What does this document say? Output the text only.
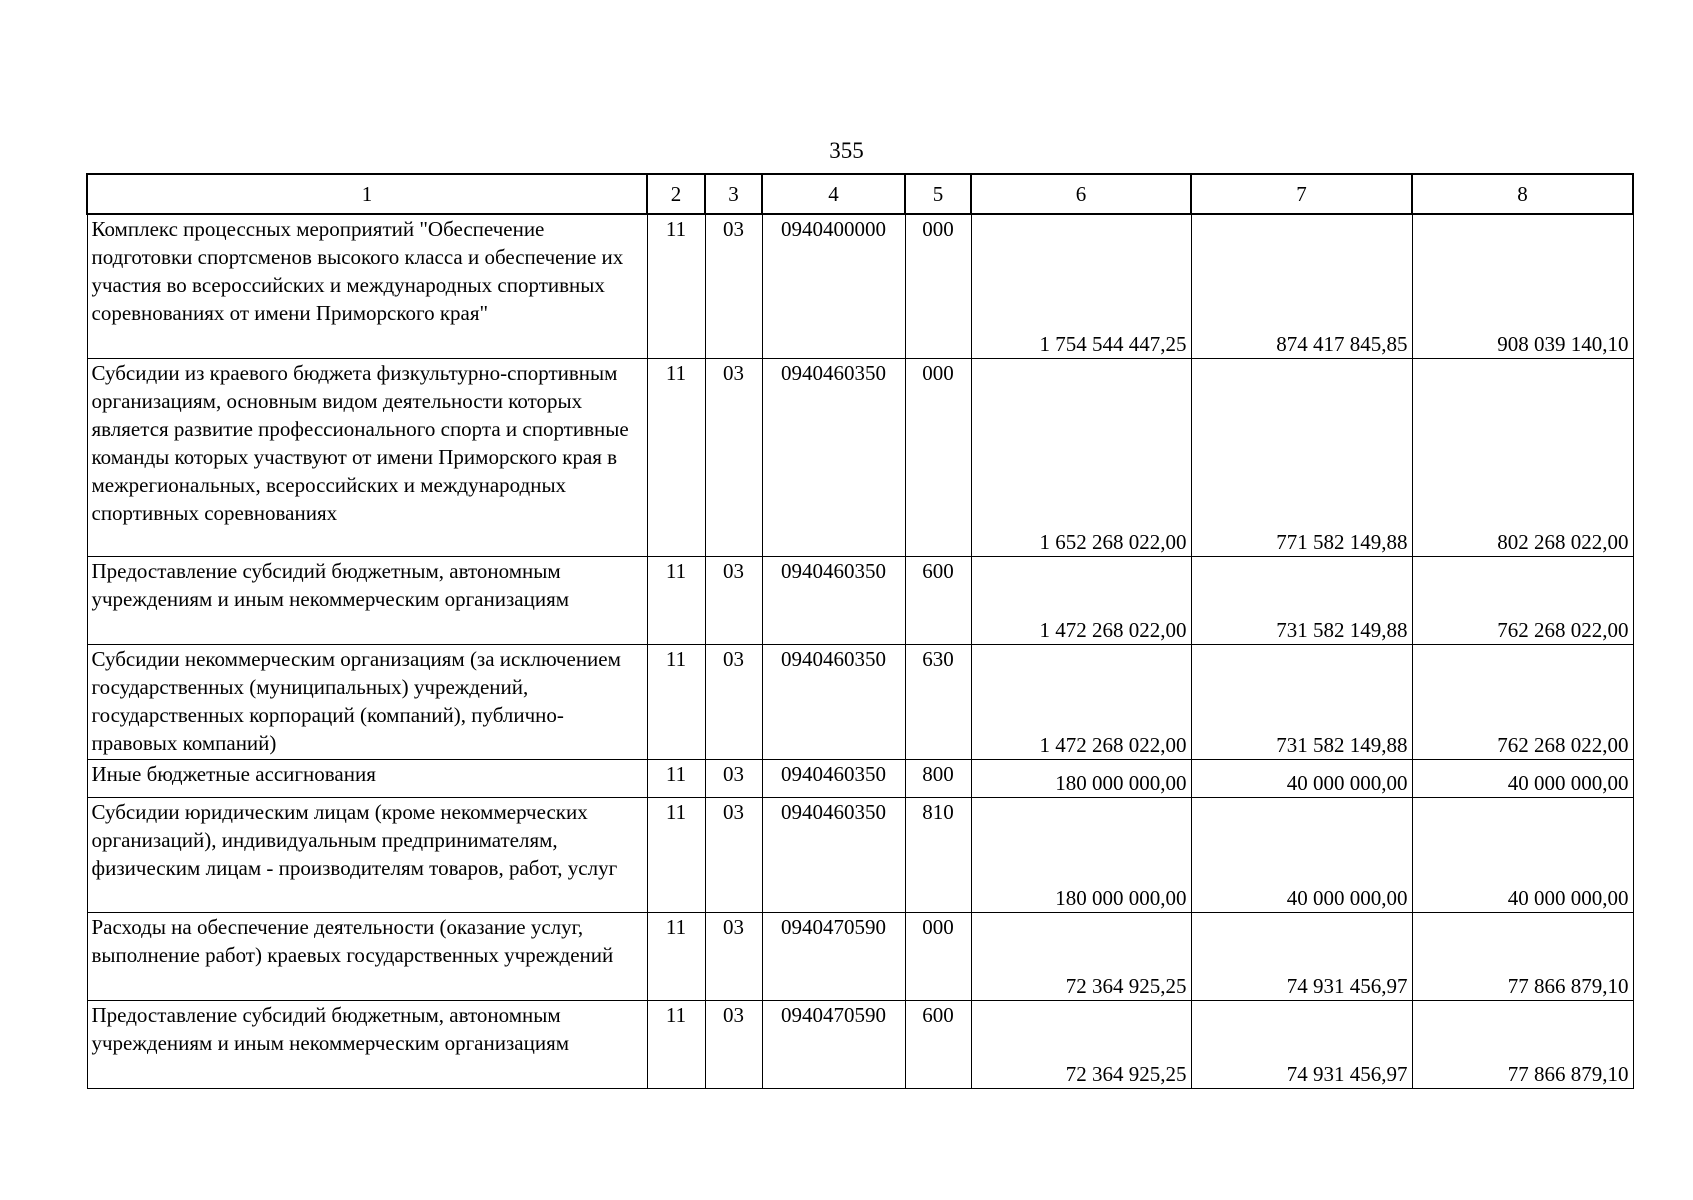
355
1	2	3	4	5	6	7	8
Комплекс процессных мероприятий "Обеспечение подготовки спортсменов высокого класса и обеспечение их участия во всероссийских и международных спортивных соревнованиях от имени Приморского края"	11	03	0940400000	000	1 754 544 447,25	874 417 845,85	908 039 140,10
Субсидии из краевого бюджета физкультурно-спортивным организациям, основным видом деятельности которых является развитие профессионального спорта и спортивные команды которых участвуют от имени Приморского края в межрегиональных, всероссийских и международных спортивных соревнованиях	11	03	0940460350	000	1 652 268 022,00	771 582 149,88	802 268 022,00
Предоставление субсидий бюджетным, автономным учреждениям и иным некоммерческим организациям	11	03	0940460350	600	1 472 268 022,00	731 582 149,88	762 268 022,00
Субсидии некоммерческим организациям (за исключением государственных (муниципальных) учреждений, государственных корпораций (компаний), публично-правовых компаний)	11	03	0940460350	630	1 472 268 022,00	731 582 149,88	762 268 022,00
Иные бюджетные ассигнования	11	03	0940460350	800	180 000 000,00	40 000 000,00	40 000 000,00
Субсидии юридическим лицам (кроме некоммерческих организаций), индивидуальным предпринимателям, физическим лицам - производителям товаров, работ, услуг	11	03	0940460350	810	180 000 000,00	40 000 000,00	40 000 000,00
Расходы на обеспечение деятельности (оказание услуг, выполнение работ) краевых государственных учреждений	11	03	0940470590	000	72 364 925,25	74 931 456,97	77 866 879,10
Предоставление субсидий бюджетным, автономным учреждениям и иным некоммерческим организациям	11	03	0940470590	600	72 364 925,25	74 931 456,97	77 866 879,10
